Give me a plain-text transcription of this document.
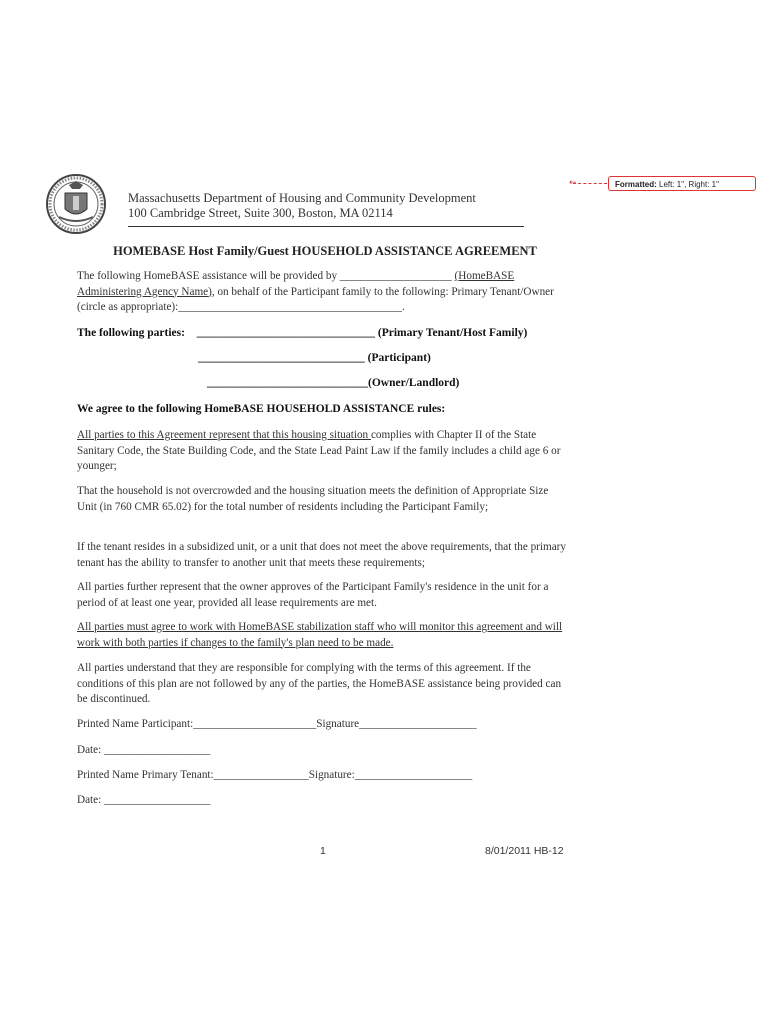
←	Formatted: Left: 1", Right: 1"
Massachusetts Department of Housing and Community Development
100 Cambridge Street, Suite 300, Boston, MA 02114
HOMEBASE Host Family/Guest HOUSEHOLD ASSISTANCE AGREEMENT
The following HomeBASE assistance will be provided by ____________________ (HomeBASE Administering Agency Name), on behalf of the Participant family to the following: Primary Tenant/Owner (circle as appropriate):________________________________________.
The following parties: _______________________________ (Primary Tenant/Host Family)
_____________________________ (Participant)
____________________________(Owner/Landlord)
We agree to the following HomeBASE HOUSEHOLD ASSISTANCE rules:
All parties to this Agreement represent that this housing situation complies with Chapter II of the State Sanitary Code, the State Building Code, and the State Lead Paint Law if the family includes a child age 6 or younger;
That the household is not overcrowded and the housing situation meets the definition of Appropriate Size Unit (in 760 CMR 65.02) for the total number of residents including the Participant Family;
If the tenant resides in a subsidized unit, or a unit that does not meet the above requirements, that the primary tenant has the ability to transfer to another unit that meets these requirements;
All parties further represent that the owner approves of the Participant Family's residence in the unit for a period of at least one year, provided all lease requirements are met.
All parties must agree to work with HomeBASE stabilization staff who will monitor this agreement and will work with both parties if changes to the family's plan need to be made.
All parties understand that they are responsible for complying with the terms of this agreement. If the conditions of this plan are not followed by any of the parties, the HomeBASE assistance being provided can be discontinued.
Printed Name Participant:______________________Signature_____________________
Date: ___________________
Printed Name Primary Tenant:_________________Signature:_____________________
Date: ___________________
1	8/01/2011 HB-12
